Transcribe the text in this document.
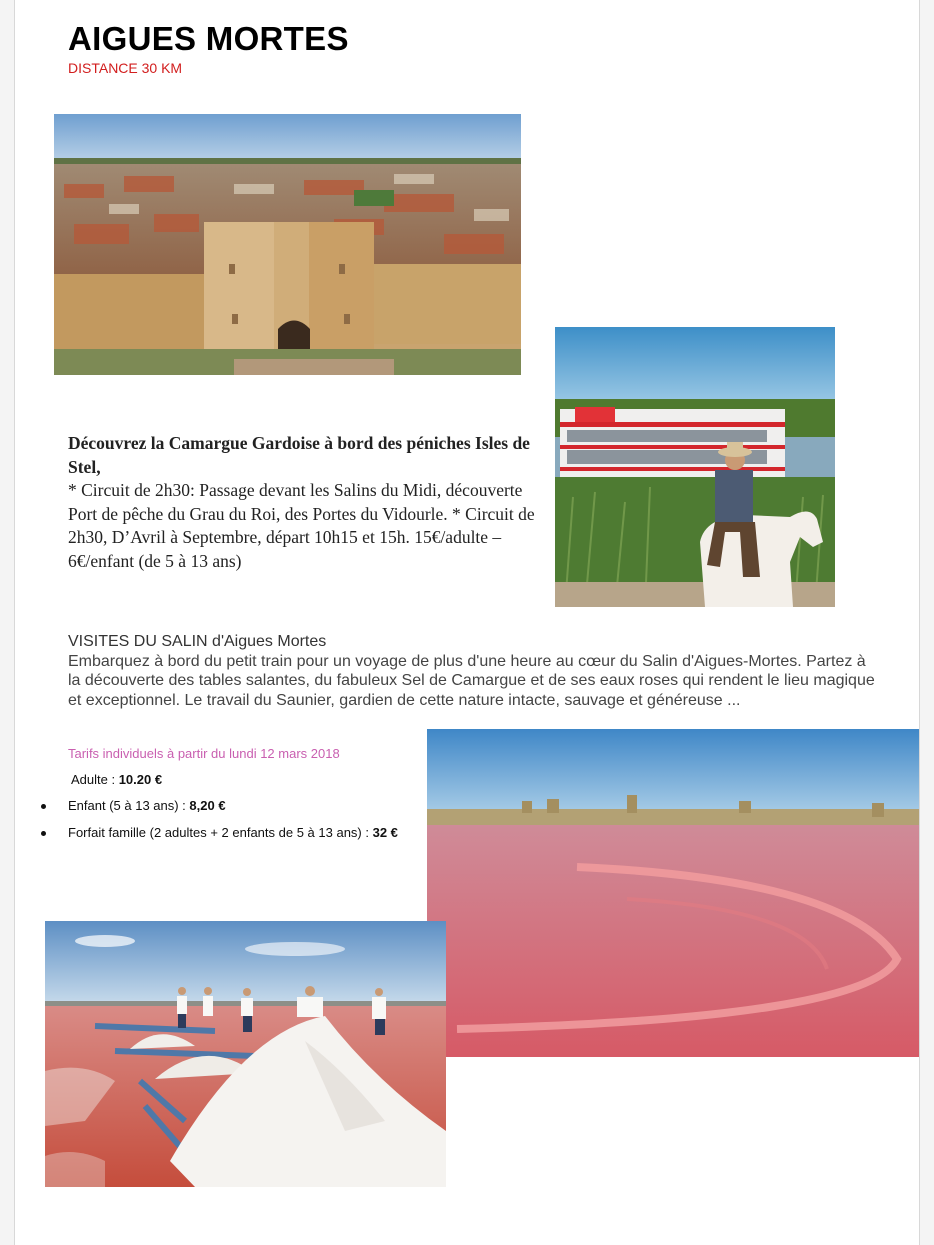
AIGUES MORTES
DISTANCE 30 KM
Découvrez la Camargue Gardoise à bord des péniches Isles de Stel,
* Circuit de 2h30: Passage devant les Salins du Midi, découverte Port de pêche du Grau du Roi, des Portes du Vidourle. * Circuit de 2h30, D’Avril à Septembre, départ 10h15 et 15h. 15€/adulte – 6€/enfant (de 5 à 13 ans)
VISITES DU SALIN d'Aigues Mortes
Embarquez à bord du petit train pour un voyage de plus d'une heure au cœur du Salin d'Aigues-Mortes. Partez à la découverte des tables salantes, du fabuleux Sel de Camargue et de ses eaux roses qui rendent le lieu magique et exceptionnel. Le travail du Saunier, gardien de cette nature intacte, sauvage et généreuse ...
Tarifs individuels à partir du lundi 12 mars 2018
Adulte : 10.20 €
Enfant (5 à 13 ans) : 8,20 €
Forfait famille (2 adultes + 2 enfants de 5 à 13 ans) : 32 €
